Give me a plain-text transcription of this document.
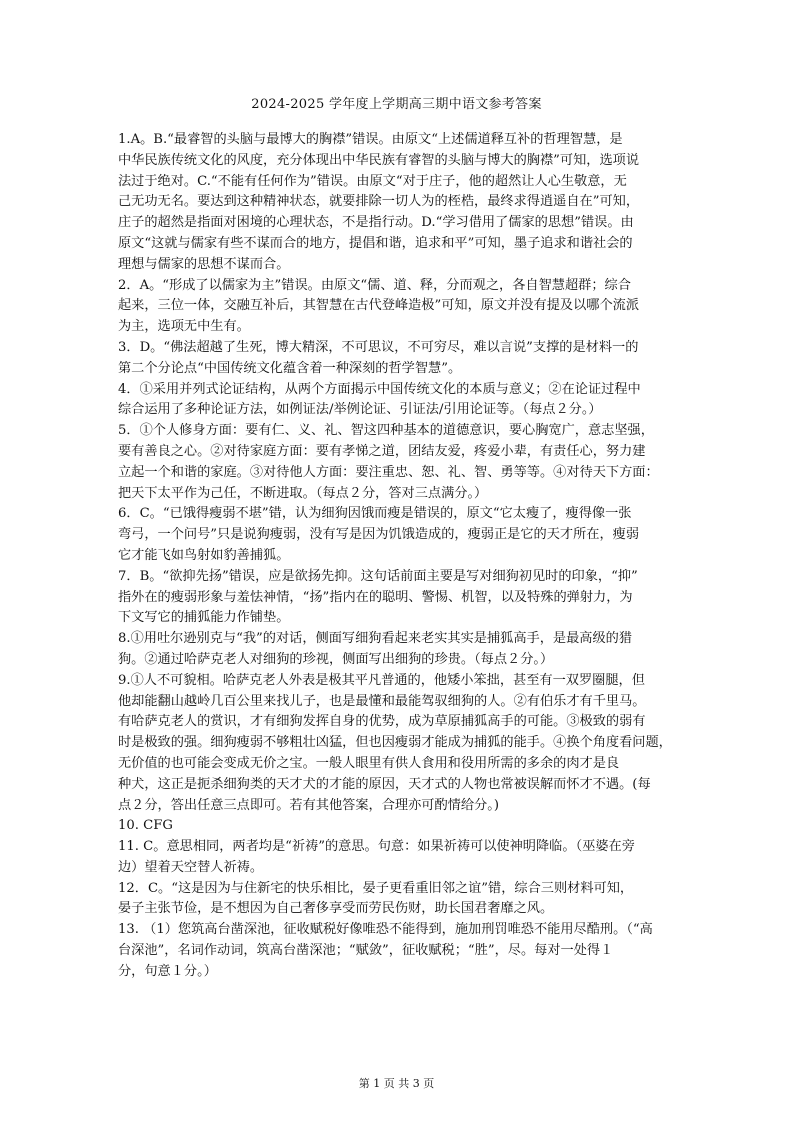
2024-2025 学年度上学期高三期中语文参考答案
1.A。B.“最睿智的头脑与最博大的胸襟”错误。由原文“上述儒道释互补的哲理智慧，是
中华民族传统文化的风度，充分体现出中华民族有睿智的头脑与博大的胸襟”可知，选项说
法过于绝对。C.“不能有任何作为”错误。由原文“对于庄子，他的超然让人心生敬意，无
己无功无名。要达到这种精神状态，就要排除一切人为的桎梏，最终求得逍遥自在”可知，
庄子的超然是指面对困境的心理状态，不是指行动。D.“学习借用了儒家的思想”错误。由
原文“这就与儒家有些不谋而合的地方，提倡和谐，追求和平”可知，墨子追求和谐社会的
理想与儒家的思想不谋而合。
2．A。“形成了以儒家为主”错误。由原文“儒、道、释，分而观之，各自智慧超群；综合
起来，三位一体，交融互补后，其智慧在古代登峰造极”可知，原文并没有提及以哪个流派
为主，选项无中生有。
3．D。“佛法超越了生死，博大精深，不可思议，不可穷尽，难以言说”支撑的是材料一的
第二个分论点“中国传统文化蕴含着一种深刻的哲学智慧”。
4．①采用并列式论证结构，从两个方面揭示中国传统文化的本质与意义；②在论证过程中
综合运用了多种论证方法，如例证法/举例论证、引证法/引用论证等。（每点２分。）
5．①个人修身方面：要有仁、义、礼、智这四种基本的道德意识，要心胸宽广，意志坚强，
要有善良之心。②对待家庭方面：要有孝悌之道，团结友爱，疼爱小辈，有责任心，努力建
立起一个和谐的家庭。③对待他人方面：要注重忠、恕、礼、智、勇等等。④对待天下方面：
把天下太平作为己任，不断进取。（每点２分，答对三点满分。）
6．C。“已饿得瘦弱不堪”错，认为细狗因饿而瘦是错误的，原文“它太瘦了，瘦得像一张
弯弓，一个问号”只是说狗瘦弱，没有写是因为饥饿造成的，瘦弱正是它的天才所在，瘦弱
它才能飞如鸟射如豹善捕狐。
7．B。“欲抑先扬”错误，应是欲扬先抑。这句话前面主要是写对细狗初见时的印象，“抑”
指外在的瘦弱形象与羞怯神情，“扬”指内在的聪明、警惕、机智，以及特殊的弹射力，为
下文写它的捕狐能力作铺垫。
8.①用吐尔逊别克与“我”的对话，侧面写细狗看起来老实其实是捕狐高手，是最高级的猎
狗。②通过哈萨克老人对细狗的珍视，侧面写出细狗的珍贵。（每点２分。）
9.①人不可貌相。哈萨克老人外表是极其平凡普通的，他矮小笨拙，甚至有一双罗圈腿，但
他却能翻山越岭几百公里来找儿子，也是最懂和最能驾驭细狗的人。②有伯乐才有千里马。
有哈萨克老人的赏识，才有细狗发挥自身的优势，成为草原捕狐高手的可能。③极致的弱有
时是极致的强。细狗瘦弱不够粗壮凶猛，但也因瘦弱才能成为捕狐的能手。④换个角度看问题，
无价值的也可能会变成无价之宝。一般人眼里有供人食用和役用所需的多余的肉才是良
种犬，这正是扼杀细狗类的天才犬的才能的原因，天才式的人物也常被误解而怀才不遇。(每
点２分，答出任意三点即可。若有其他答案，合理亦可酌情给分。)
10. CFG
11. C。意思相同，两者均是“祈祷”的意思。句意：如果祈祷可以使神明降临。（巫婆在旁
边）望着天空替人祈祷。
12．C。“这是因为与住新宅的快乐相比，晏子更看重旧邻之谊”错，综合三则材料可知，
晏子主张节俭，是不想因为自己奢侈享受而劳民伤财，助长国君奢靡之风。
13. （1）您筑高台凿深池，征收赋税好像唯恐不能得到，施加刑罚唯恐不能用尽酷刑。（“高
台深池”，名词作动词，筑高台凿深池；“赋敛”，征收赋税；“胜”，尽。每对一处得１
分，句意１分。）
第 1 页 共 3 页
